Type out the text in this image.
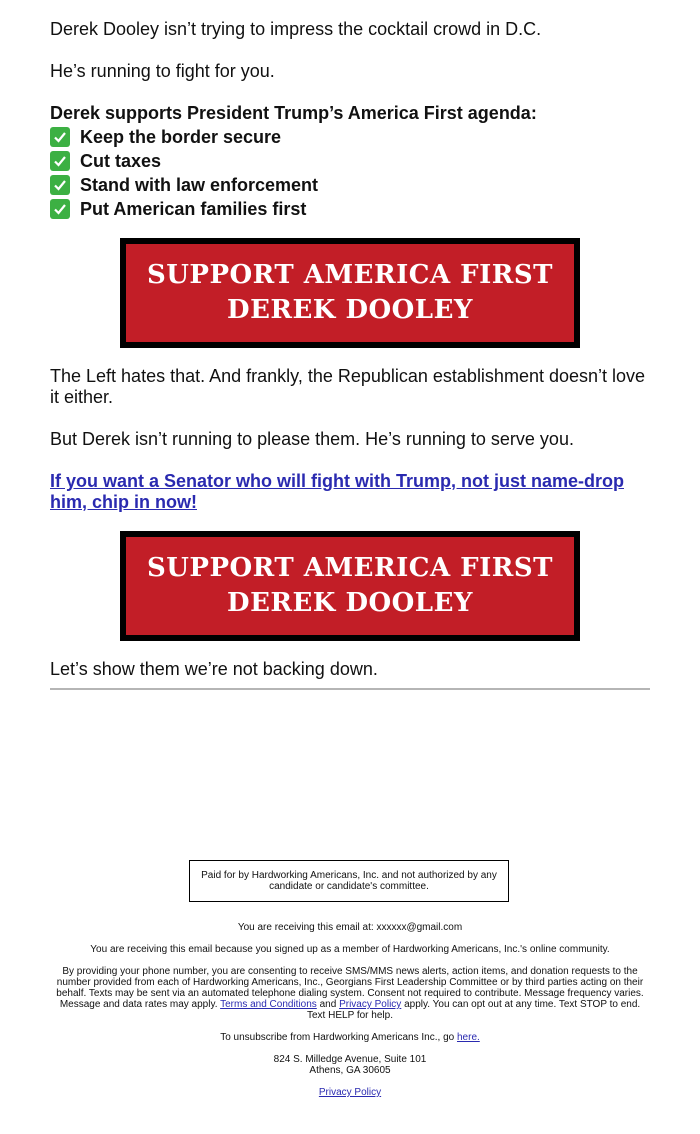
Derek Dooley isn’t trying to impress the cocktail crowd in D.C.

He’s running to fight for you.

Derek supports President Trump’s America First agenda:

Keep the border secure
Cut taxes
Stand with law enforcement
Put American families first
SUPPORT AMERICA FIRST
DEREK DOOLEY

The Left hates that. And frankly, the Republican establishment doesn’t love it either.

But Derek isn’t running to please them. He’s running to serve you.

If you want a Senator who will fight with Trump, not just name-drop him, chip in now!
SUPPORT AMERICA FIRST
DEREK DOOLEY

Let’s show them we’re not backing down.

Paid for by Hardworking Americans, Inc. and not authorized by any candidate or candidate's committee.

You are receiving this email at: xxxxxx@gmail.com

You are receiving this email because you signed up as a member of Hardworking Americans, Inc.'s online community.

By providing your phone number, you are consenting to receive SMS/MMS news alerts, action items, and donation requests to the number provided from each of Hardworking Americans, Inc., Georgians First Leadership Committee or by third parties acting on their behalf. Texts may be sent via an automated telephone dialing system. Consent not required to contribute. Message frequency varies. Message and data rates may apply. Terms and Conditions and Privacy Policy apply. You can opt out at any time. Text STOP to end. Text HELP for help.

To unsubscribe from Hardworking Americans Inc., go here.

824 S. Milledge Avenue, Suite 101

Athens, GA 30605

Privacy Policy
